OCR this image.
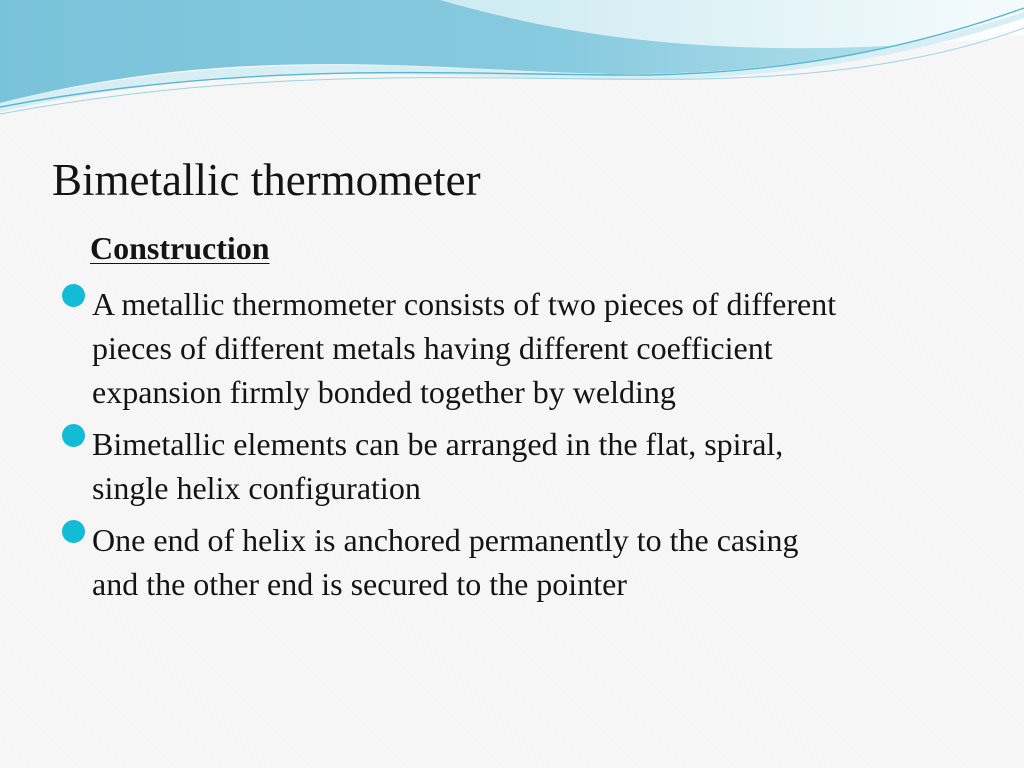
Bimetallic thermometer
Construction
A metallic thermometer consists of two pieces of different
pieces of different metals having different coefficient
expansion firmly bonded together by welding
Bimetallic elements can be arranged in the flat, spiral,
single helix configuration
One end of helix is anchored permanently to the casing
and the other end is secured to the pointer
